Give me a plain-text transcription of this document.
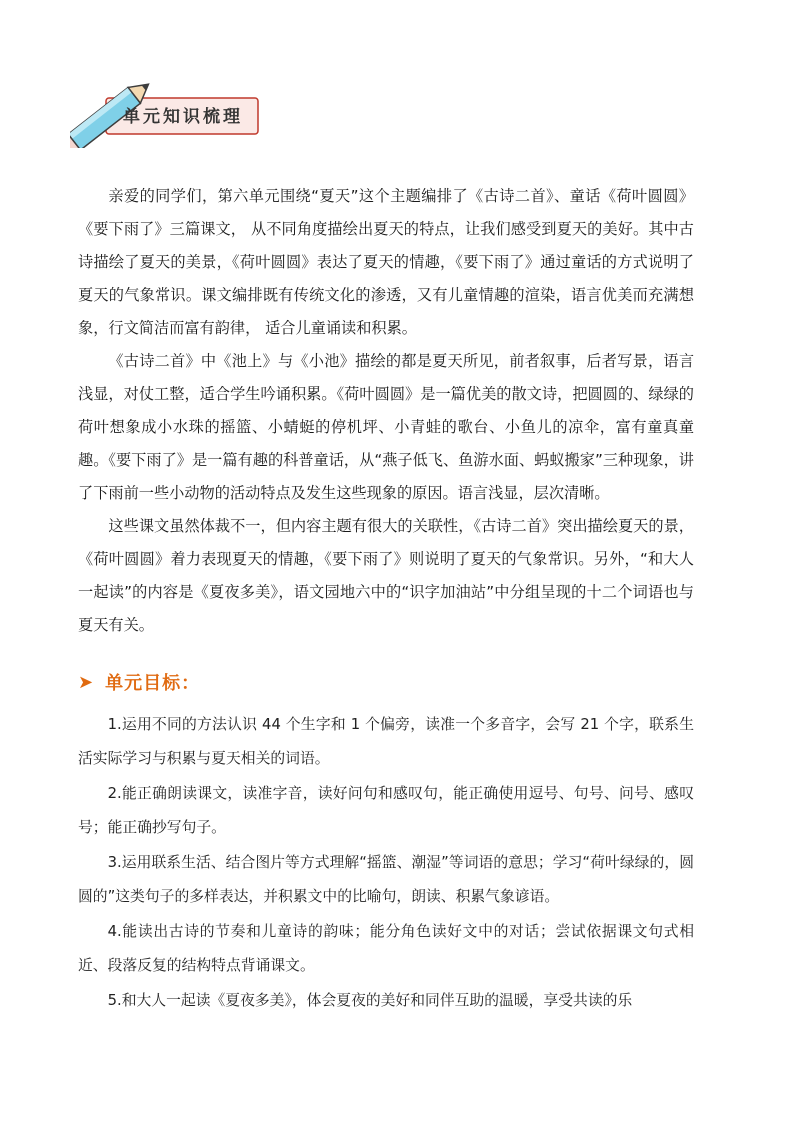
单元知识梳理

亲爱的同学们，第六单元围绕“夏天”这个主题编排了《古诗二首》、童话《荷叶圆圆》《要下雨了》三篇课文， 从不同角度描绘出夏天的特点，让我们感受到夏天的美好。其中古诗描绘了夏天的美景，《荷叶圆圆》表达了夏天的情趣，《要下雨了》通过童话的方式说明了夏天的气象常识。课文编排既有传统文化的渗透，又有儿童情趣的渲染，语言优美而充满想象，行文简洁而富有韵律， 适合儿童诵读和积累。

《古诗二首》中《池上》与《小池》描绘的都是夏天所见，前者叙事，后者写景，语言浅显，对仗工整，适合学生吟诵积累。《荷叶圆圆》是一篇优美的散文诗，把圆圆的、绿绿的荷叶想象成小水珠的摇篮、小蜻蜓的停机坪、小青蛙的歌台、小鱼儿的凉伞，富有童真童趣。《要下雨了》是一篇有趣的科普童话，从“燕子低飞、鱼游水面、蚂蚁搬家”三种现象，讲了下雨前一些小动物的活动特点及发生这些现象的原因。语言浅显，层次清晰。

这些课文虽然体裁不一，但内容主题有很大的关联性，《古诗二首》突出描绘夏天的景，《荷叶圆圆》着力表现夏天的情趣，《要下雨了》则说明了夏天的气象常识。另外，“和大人一起读”的内容是《夏夜多美》，语文园地六中的“识字加油站”中分组呈现的十二个词语也与夏天有关。

➤ 单元目标：

1.运用不同的方法认识 44 个生字和 1 个偏旁，读准一个多音字，会写 21 个字，联系生活实际学习与积累与夏天相关的词语。

2.能正确朗读课文，读准字音，读好问句和感叹句，能正确使用逗号、句号、问号、感叹号；能正确抄写句子。

3.运用联系生活、结合图片等方式理解“摇篮、潮湿”等词语的意思；学习“荷叶绿绿的，圆圆的”这类句子的多样表达，并积累文中的比喻句，朗读、积累气象谚语。

4.能读出古诗的节奏和儿童诗的韵味；能分角色读好文中的对话；尝试依据课文句式相近、段落反复的结构特点背诵课文。

5.和大人一起读《夏夜多美》，体会夏夜的美好和同伴互助的温暖，享受共读的乐
